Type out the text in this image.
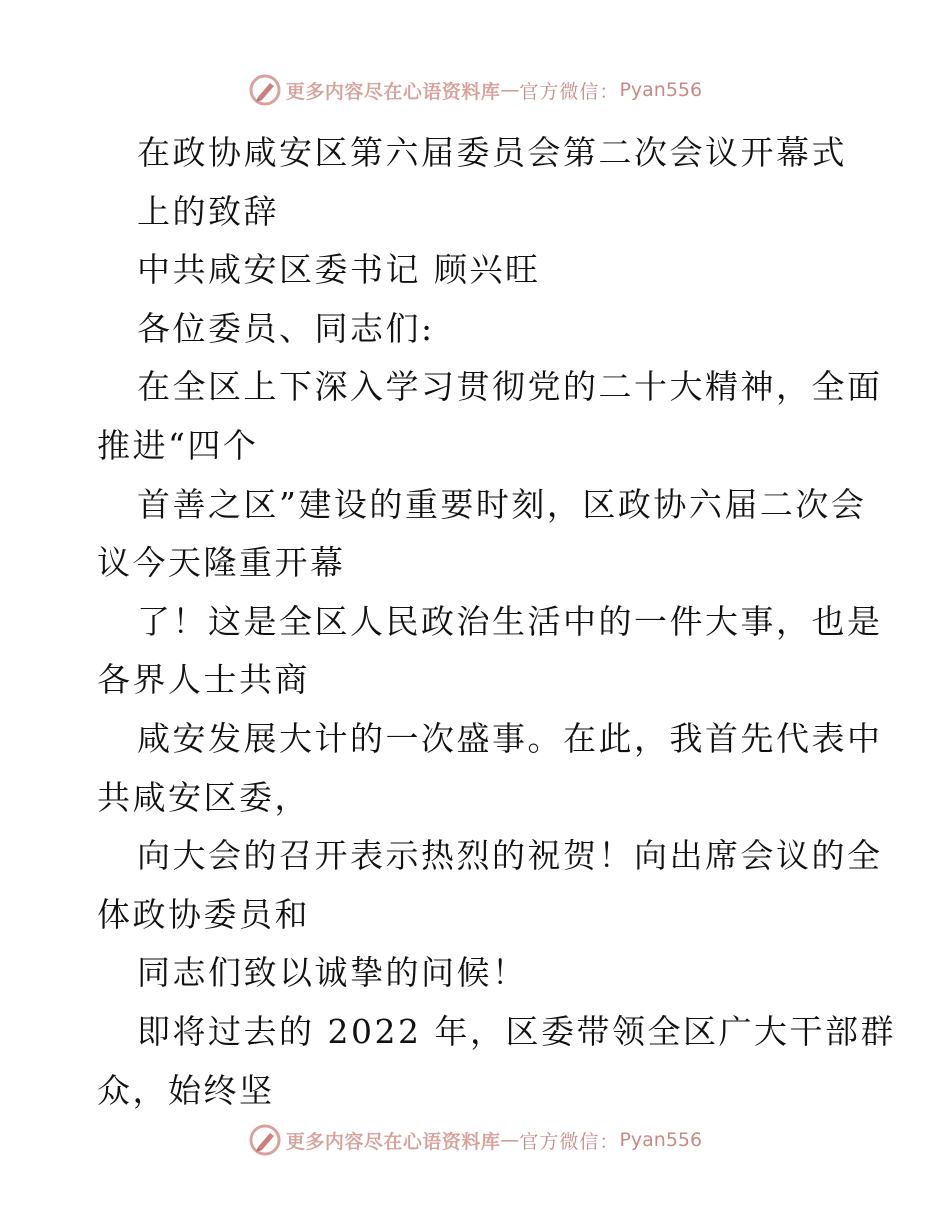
更多内容尽在心语资料库 — 官方微信： Pyan556
在政协咸安区第六届委员会第二次会议开幕式
上的致辞
中共咸安区委书记 顾兴旺
各位委员、同志们:
在全区上下深入学习贯彻党的二十大精神，全面
推进“四个
首善之区”建设的重要时刻，区政协六届二次会
议今天隆重开幕
了！这是全区人民政治生活中的一件大事，也是
各界人士共商
咸安发展大计的一次盛事。在此，我首先代表中
共咸安区委，
向大会的召开表示热烈的祝贺！向出席会议的全
体政协委员和
同志们致以诚挚的问候！
即将过去的 2022 年，区委带领全区广大干部群
众，始终坚
更多内容尽在心语资料库 — 官方微信： Pyan556
